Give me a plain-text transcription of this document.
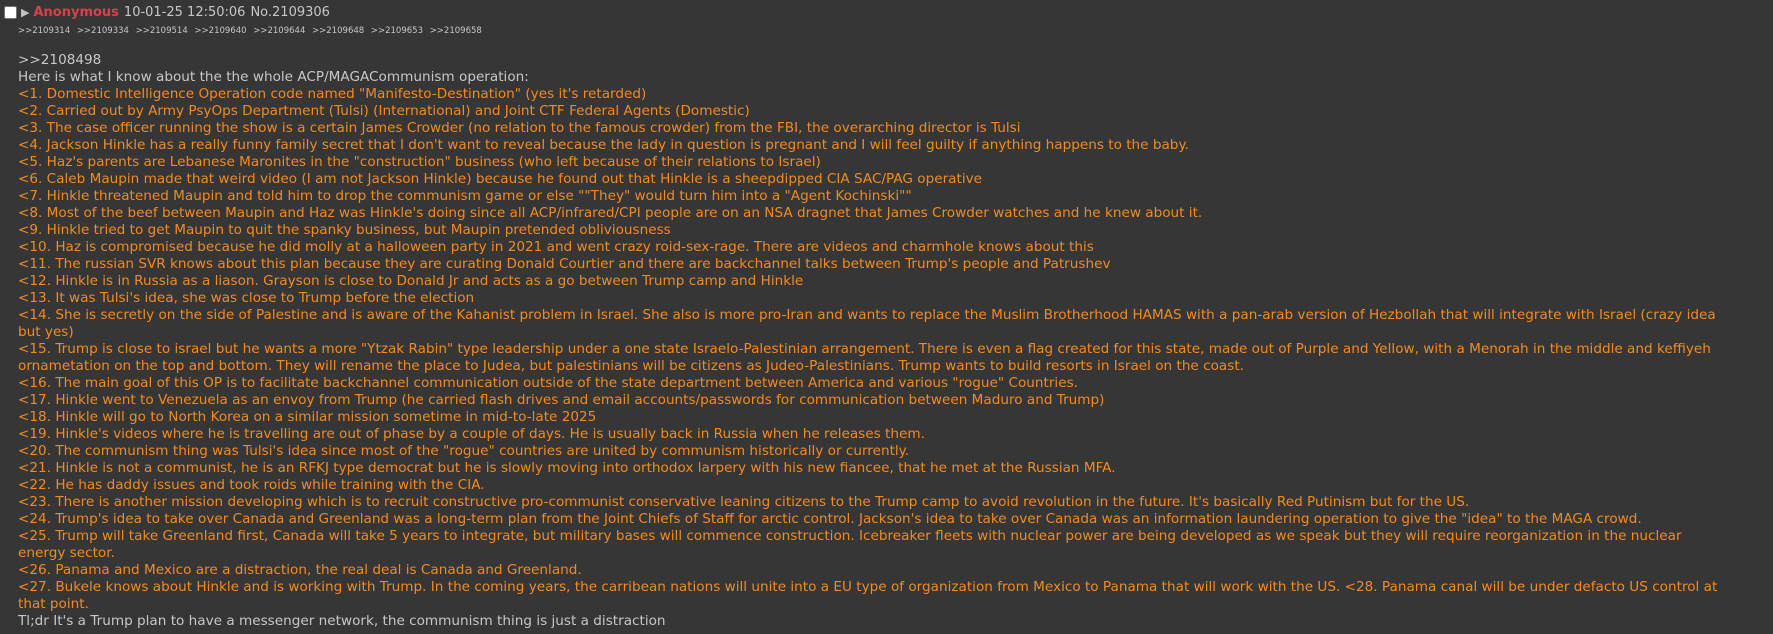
▶ Anonymous 10-01-25 12:50:06 No.2109306
>>2109314 >>2109334 >>2109514 >>2109640 >>2109644 >>2109648 >>2109653 >>2109658
>>2108498
Here is what I know about the the whole ACP/MAGACommunism operation:
<1. Domestic Intelligence Operation code named "Manifesto-Destination" (yes it's retarded)
<2. Carried out by Army PsyOps Department (Tulsi) (International) and Joint CTF Federal Agents (Domestic)
<3. The case officer running the show is a certain James Crowder (no relation to the famous crowder) from the FBI, the overarching director is Tulsi
<4. Jackson Hinkle has a really funny family secret that I don't want to reveal because the lady in question is pregnant and I will feel guilty if anything happens to the baby.
<5. Haz's parents are Lebanese Maronites in the "construction" business (who left because of their relations to Israel)
<6. Caleb Maupin made that weird video (I am not Jackson Hinkle) because he found out that Hinkle is a sheepdipped CIA SAC/PAG operative
<7. Hinkle threatened Maupin and told him to drop the communism game or else ""They" would turn him into a "Agent Kochinski""
<8. Most of the beef between Maupin and Haz was Hinkle's doing since all ACP/infrared/CPI people are on an NSA dragnet that James Crowder watches and he knew about it.
<9. Hinkle tried to get Maupin to quit the spanky business, but Maupin pretended obliviousness
<10. Haz is compromised because he did molly at a halloween party in 2021 and went crazy roid-sex-rage. There are videos and charmhole knows about this
<11. The russian SVR knows about this plan because they are curating Donald Courtier and there are backchannel talks between Trump's people and Patrushev
<12. Hinkle is in Russia as a liason. Grayson is close to Donald Jr and acts as a go between Trump camp and Hinkle
<13. It was Tulsi's idea, she was close to Trump before the election
<14. She is secretly on the side of Palestine and is aware of the Kahanist problem in Israel. She also is more pro-Iran and wants to replace the Muslim Brotherhood HAMAS with a pan-arab version of Hezbollah that will integrate with Israel (crazy idea but yes)
<15. Trump is close to israel but he wants a more "Ytzak Rabin" type leadership under a one state Israelo-Palestinian arrangement. There is even a flag created for this state, made out of Purple and Yellow, with a Menorah in the middle and keffiyeh ornametation on the top and bottom. They will rename the place to Judea, but palestinians will be citizens as Judeo-Palestinians. Trump wants to build resorts in Israel on the coast.
<16. The main goal of this OP is to facilitate backchannel communication outside of the state department between America and various "rogue" Countries.
<17. Hinkle went to Venezuela as an envoy from Trump (he carried flash drives and email accounts/passwords for communication between Maduro and Trump)
<18. Hinkle will go to North Korea on a similar mission sometime in mid-to-late 2025
<19. Hinkle's videos where he is travelling are out of phase by a couple of days. He is usually back in Russia when he releases them.
<20. The communism thing was Tulsi's idea since most of the "rogue" countries are united by communism historically or currently.
<21. Hinkle is not a communist, he is an RFKJ type democrat but he is slowly moving into orthodox larpery with his new fiancee, that he met at the Russian MFA.
<22. He has daddy issues and took roids while training with the CIA.
<23. There is another mission developing which is to recruit constructive pro-communist conservative leaning citizens to the Trump camp to avoid revolution in the future. It's basically Red Putinism but for the US.
<24. Trump's idea to take over Canada and Greenland was a long-term plan from the Joint Chiefs of Staff for arctic control. Jackson's idea to take over Canada was an information laundering operation to give the "idea" to the MAGA crowd.
<25. Trump will take Greenland first, Canada will take 5 years to integrate, but military bases will commence construction. Icebreaker fleets with nuclear power are being developed as we speak but they will require reorganization in the nuclear energy sector.
<26. Panama and Mexico are a distraction, the real deal is Canada and Greenland.
<27. Bukele knows about Hinkle and is working with Trump. In the coming years, the carribean nations will unite into a EU type of organization from Mexico to Panama that will work with the US. <28. Panama canal will be under defacto US control at that point.
Tl;dr It's a Trump plan to have a messenger network, the communism thing is just a distraction
